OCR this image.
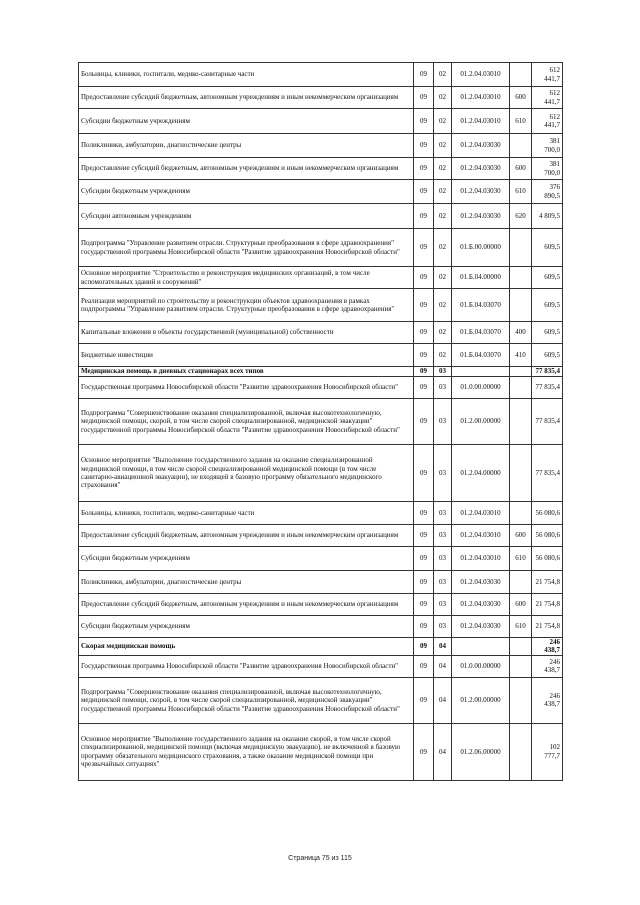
Больницы, клиники, госпитали, медико-санитарные части	09	02	01.2.04.03010		612 441,7
Предоставление субсидий бюджетным, автономным учреждениям и иным некоммерческим организациям	09	02	01.2.04.03010	600	612 441,7
Субсидии бюджетным учреждениям	09	02	01.2.04.03010	610	612 441,7
Поликлиники, амбулатории, диагностические центры	09	02	01.2.04.03030		381 700,0
Предоставление субсидий бюджетным, автономным учреждениям и иным некоммерческим организациям	09	02	01.2.04.03030	600	381 700,0
Субсидии бюджетным учреждениям	09	02	01.2.04.03030	610	376 890,5
Субсидии автономным учреждениям	09	02	01.2.04.03030	620	4 809,5
Подпрограмма "Управление развитием отрасли. Структурные преобразования в сфере здравоохранения" государственной программы Новосибирской области "Развитие здравоохранения Новосибирской области"	09	02	01.Б.00.00000		609,5
Основное мероприятие "Строительство и реконструкция медицинских организаций, в том числе вспомогательных зданий и сооружений"	09	02	01.Б.04.00000		609,5
Реализация мероприятий по строительству и реконструкции объектов здравоохранения в рамках подпрограммы "Управление развитием отрасли. Структурные преобразования в сфере здравоохранения"	09	02	01.Б.04.03070		609,5
Капитальные вложения в объекты государственной (муниципальной) собственности	09	02	01.Б.04.03070	400	609,5
Бюджетные инвестиции	09	02	01.Б.04.03070	410	609,5
Медицинская помощь в дневных стационарах всех типов	09	03			77 835,4
Государственная программа Новосибирской области "Развитие здравоохранения Новосибирской области"	09	03	01.0.00.00000		77 835,4
Подпрограмма "Совершенствование оказания специализированной, включая высокотехнологичную, медицинской помощи, скорой, в том числе скорой специализированной, медицинской эвакуации" государственной программы Новосибирской области "Развитие здравоохранения Новосибирской области"	09	03	01.2.00.00000		77 835,4
Основное мероприятие "Выполнение государственного задания на оказание специализированной медицинской помощи, в том числе скорой специализированной медицинской помощи (в том числе санитарно-авиационной эвакуации), не входящей в базовую программу обязательного медицинского страхования"	09	03	01.2.04.00000		77 835,4
Больницы, клиники, госпитали, медико-санитарные части	09	03	01.2.04.03010		56 080,6
Предоставление субсидий бюджетным, автономным учреждениям и иным некоммерческим организациям	09	03	01.2.04.03010	600	56 080,6
Субсидии бюджетным учреждениям	09	03	01.2.04.03010	610	56 080,6
Поликлиники, амбулатории, диагностические центры	09	03	01.2.04.03030		21 754,8
Предоставление субсидий бюджетным, автономным учреждениям и иным некоммерческим организациям	09	03	01.2.04.03030	600	21 754,8
Субсидии бюджетным учреждениям	09	03	01.2.04.03030	610	21 754,8
Скорая медицинская помощь	09	04			246 438,7
Государственная программа Новосибирской области "Развитие здравоохранения Новосибирской области"	09	04	01.0.00.00000		246 438,7
Подпрограмма "Совершенствование оказания специализированной, включая высокотехнологичную, медицинской помощи, скорой, в том числе скорой специализированной, медицинской эвакуации" государственной программы Новосибирской области "Развитие здравоохранения Новосибирской области"	09	04	01.2.00.00000		246 438,7
Основное мероприятие "Выполнение государственного задания на оказание скорой, в том числе скорой специализированной, медицинской помощи (включая медицинскую эвакуацию), не включенной в базовую программу обязательного медицинского страхования, а также оказание медицинской помощи при чрезвычайных ситуациях"	09	04	01.2.06.00000		102 777,7
Страница 75 из 115
